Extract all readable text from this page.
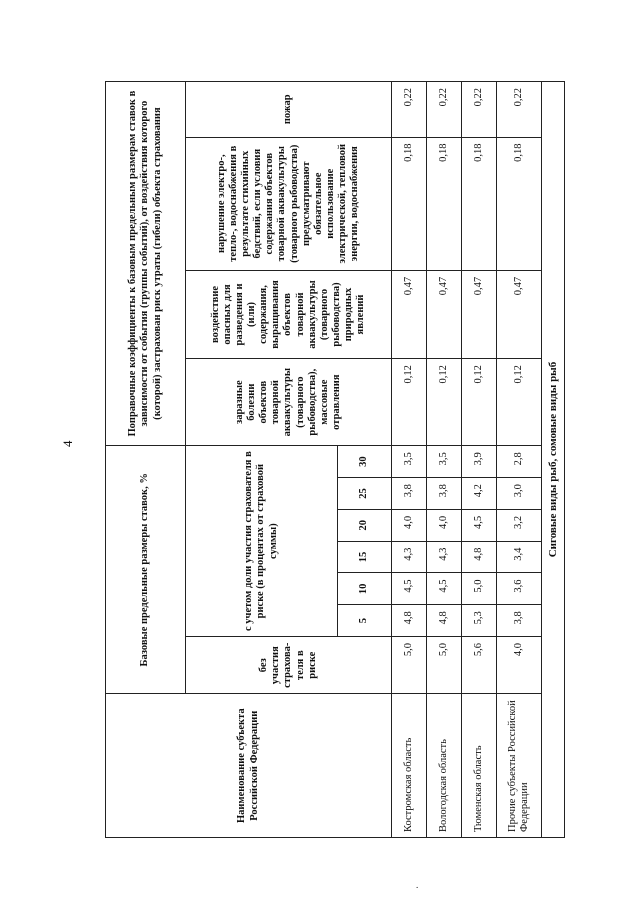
4
Наименование субъекта Российской Федерации	Базовые предельные размеры ставок, %							Поправочные коэффициенты к базовым предельным размерам ставок в зависимости от события (группы событий), от воздействия которого (которой) застрахован риск утраты (гибели) объекта страхования			
	без участия страхова- теля в риске	с учетом доли участия страхователя в риске (в процентах от страховой суммы)						заразные болезни объектов товарной аквакультуры (товарного рыбоводства), массовые отравления	воздействие опасных для разведения и (или) содержания, выращивания объектов товарной аквакультуры (товарного рыбоводства) природных явлений	нарушение электро-, тепло-, водоснабжения в результате стихийных бедствий, если условия содержания объектов товарной аквакультуры (товарного рыбоводства) предусматривают обязательное использование электрической, тепловой энергии, водоснабжения	пожар
		5	10	15	20	25	30				
Костромская область	5,0	4,8	4,5	4,3	4,0	3,8	3,5	0,12	0,47	0,18	0,22
Вологодская область	5,0	4,8	4,5	4,3	4,0	3,8	3,5	0,12	0,47	0,18	0,22
Тюменская область	5,6	5,3	5,0	4,8	4,5	4,2	3,9	0,12	0,47	0,18	0,22
Прочие субъекты Российской Федерации	4,0	3,8	3,6	3,4	3,2	3,0	2,8	0,12	0,47	0,18	0,22
Сиговые виды рыб, сомовые виды рыб											
.
